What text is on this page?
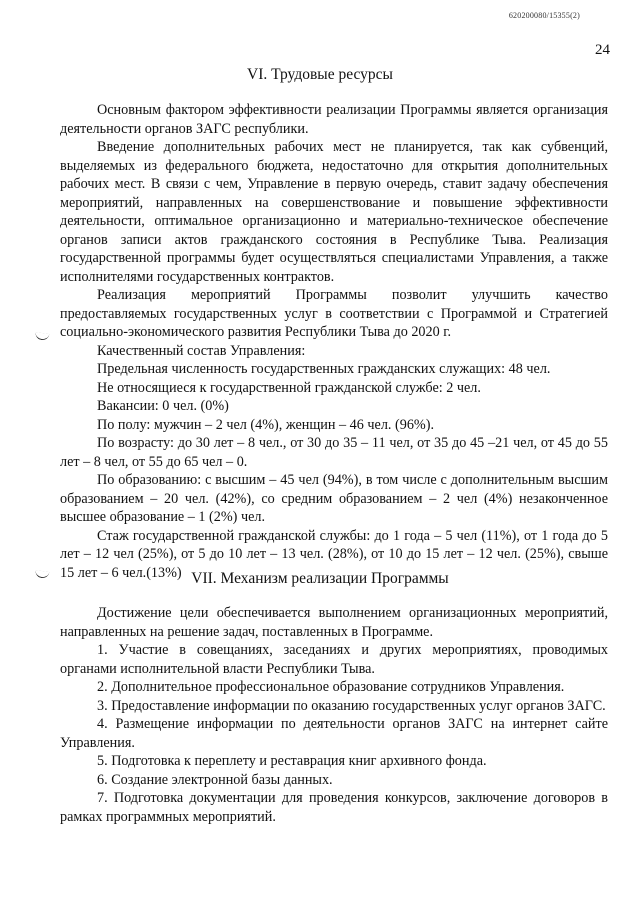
620200080/15355(2)
24
VI. Трудовые ресурсы

Основным фактором эффективности реализации Программы является организация деятельности органов ЗАГС республики.

Введение дополнительных рабочих мест не планируется, так как субвенций, выделяемых из федерального бюджета, недостаточно для открытия дополнительных рабочих мест. В связи с чем, Управление в первую очередь, ставит задачу обеспечения мероприятий, направленных на совершенствование и повышение эффективности деятельности, оптимальное организационно и материально-техническое обеспечение органов записи актов гражданского состояния в Республике Тыва. Реализация государственной программы будет осуществляться специалистами Управления, а также исполнителями государственных контрактов.

Реализация мероприятий Программы позволит улучшить качество предоставляемых государственных услуг в соответствии с Программой и Стратегией социально-экономического развития Республики Тыва до 2020 г.

Качественный состав Управления:

Предельная численность государственных гражданских служащих: 48 чел.

Не относящиеся к государственной гражданской службе: 2 чел.

Вакансии: 0 чел. (0%)

По полу: мужчин – 2 чел (4%), женщин – 46 чел. (96%).

По возрасту: до 30 лет – 8 чел., от 30 до 35 – 11 чел, от 35 до 45 –21 чел, от 45 до 55 лет – 8 чел, от 55 до 65 чел – 0.

По образованию: с высшим – 45 чел (94%), в том числе с дополнительным высшим образованием – 20 чел. (42%), со средним образованием – 2 чел (4%) незаконченное высшее образование – 1 (2%) чел.

Стаж государственной гражданской службы: до 1 года – 5 чел (11%), от 1 года до 5 лет – 12 чел (25%), от 5 до 10 лет – 13 чел. (28%), от 10 до 15 лет – 12 чел. (25%), свыше 15 лет – 6 чел.(13%) VII. Механизм реализации Программы

Достижение цели обеспечивается выполнением организационных мероприятий, направленных на решение задач, поставленных в Программе.

1. Участие в совещаниях, заседаниях и других мероприятиях, проводимых органами исполнительной власти Республики Тыва.

2. Дополнительное профессиональное образование сотрудников Управления.

3. Предоставление информации по оказанию государственных услуг органов ЗАГС.

4. Размещение информации по деятельности органов ЗАГС на интернет сайте Управления.

5. Подготовка к переплету и реставрация книг архивного фонда.

6. Создание электронной базы данных.

7. Подготовка документации для проведения конкурсов, заключение договоров в рамках программных мероприятий.
